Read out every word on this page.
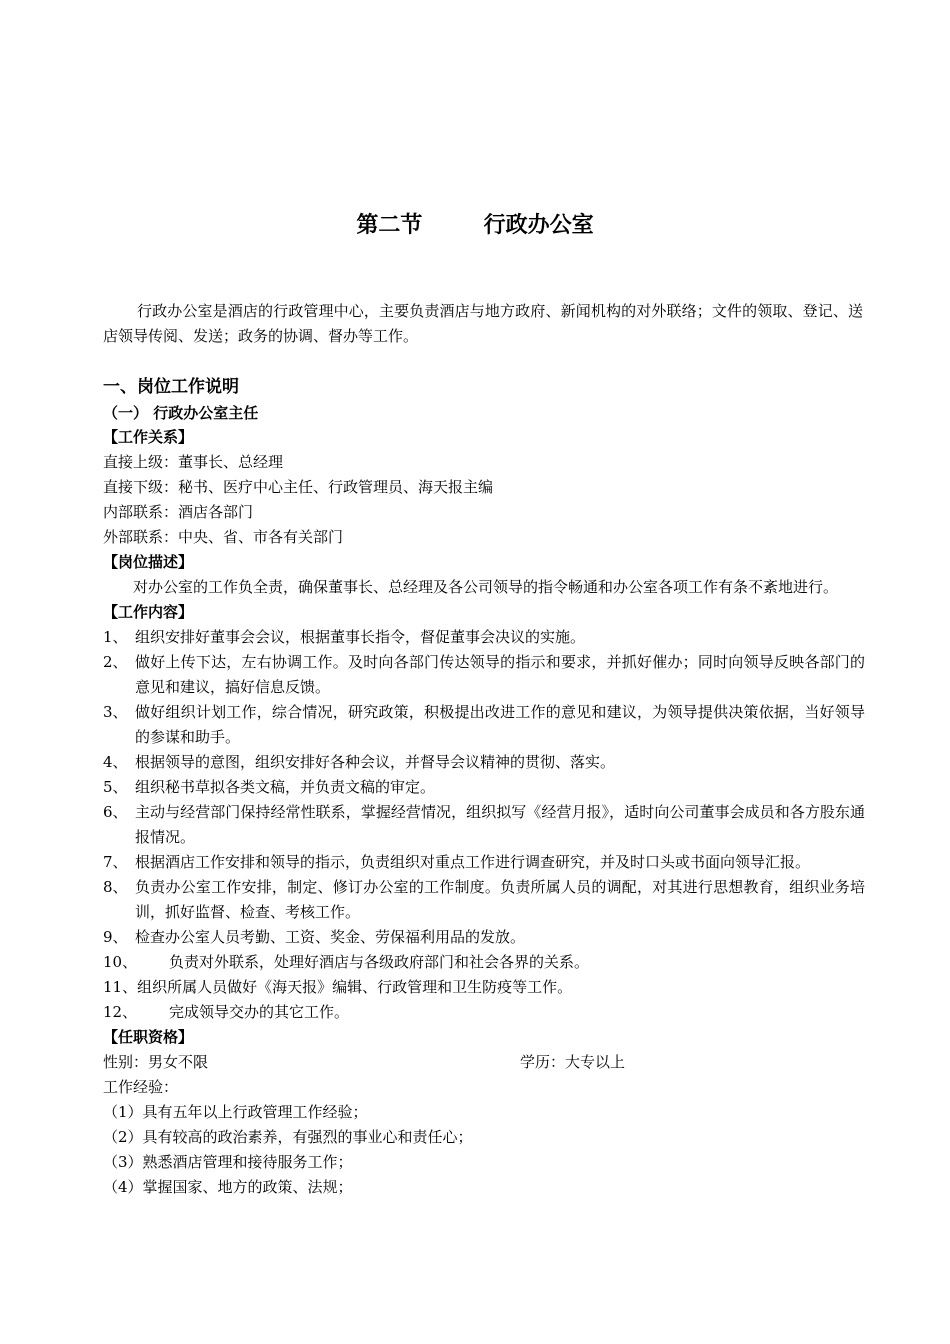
第二节        行政办公室

行政办公室是酒店的行政管理中心，主要负责酒店与地方政府、新闻机构的对外联络；文件的领取、登记、送店领导传阅、发送；政务的协调、督办等工作。

一、岗位工作说明

（一） 行政办公室主任

【工作关系】

直接上级：董事长、总经理

直接下级：秘书、医疗中心主任、行政管理员、海天报主编

内部联系：酒店各部门

外部联系：中央、省、市各有关部门

【岗位描述】

对办公室的工作负全责，确保董事长、总经理及各公司领导的指令畅通和办公室各项工作有条不紊地进行。

【工作内容】

1、 组织安排好董事会会议，根据董事长指令，督促董事会决议的实施。
2、 做好上传下达，左右协调工作。及时向各部门传达领导的指示和要求，并抓好催办；同时向领导反映各部门的意见和建议，搞好信息反馈。
3、 做好组织计划工作，综合情况，研究政策，积极提出改进工作的意见和建议，为领导提供决策依据，当好领导的参谋和助手。
4、 根据领导的意图，组织安排好各种会议，并督导会议精神的贯彻、落实。
5、 组织秘书草拟各类文稿，并负责文稿的审定。
6、 主动与经营部门保持经常性联系，掌握经营情况，组织拟写《经营月报》，适时向公司董事会成员和各方股东通报情况。
7、 根据酒店工作安排和领导的指示，负责组织对重点工作进行调查研究，并及时口头或书面向领导汇报。
8、 负责办公室工作安排，制定、修订办公室的工作制度。负责所属人员的调配，对其进行思想教育，组织业务培训，抓好监督、检查、考核工作。
9、 检查办公室人员考勤、工资、奖金、劳保福利用品的发放。
10、	负责对外联系，处理好酒店与各级政府部门和社会各界的关系。
11、 组织所属人员做好《海天报》编辑、行政管理和卫生防疫等工作。
12、	完成领导交办的其它工作。

【任职资格】

性别：男女不限	学历：大专以上

工作经验：

（1）具有五年以上行政管理工作经验；

（2）具有较高的政治素养，有强烈的事业心和责任心；

（3）熟悉酒店管理和接待服务工作；

（4）掌握国家、地方的政策、法规；
